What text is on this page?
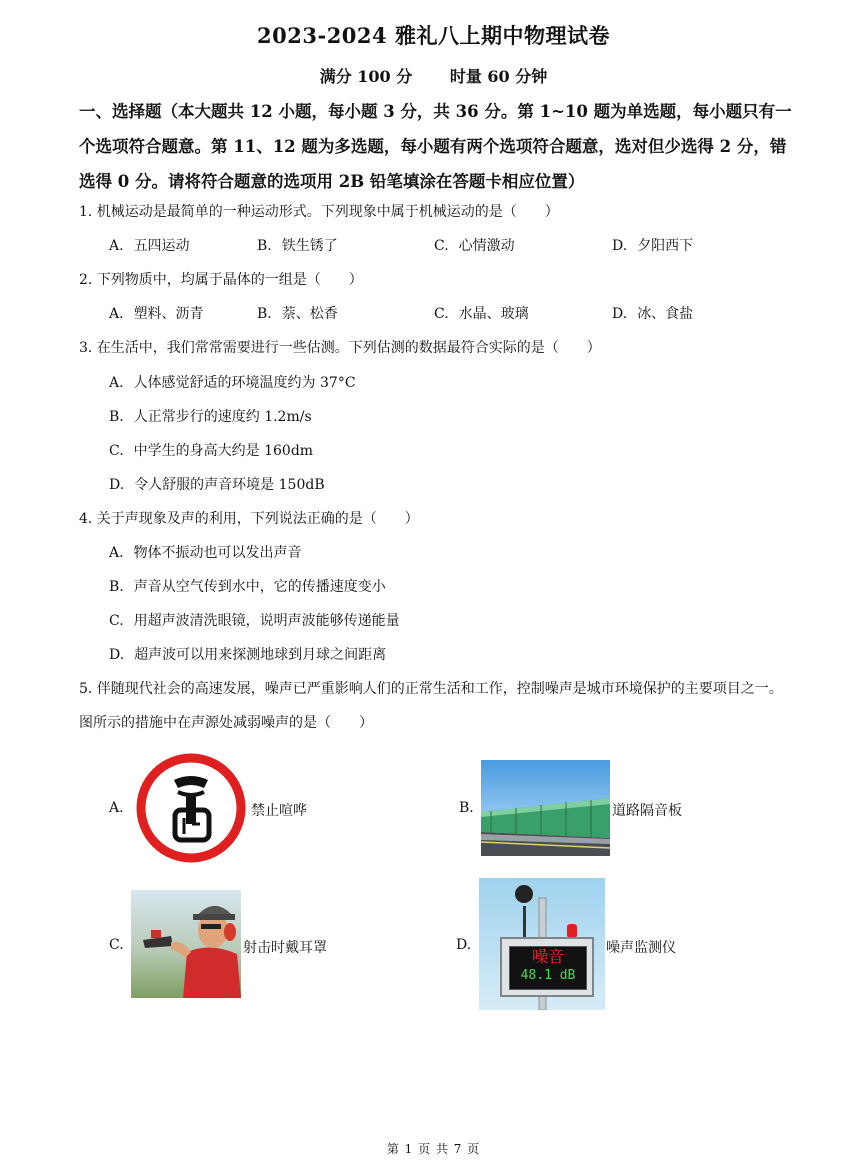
2023-2024 雅礼八上期中物理试卷
满分 100 分 时量 60 分钟
一、选择题（本大题共 12 小题，每小题 3 分，共 36 分。第 1~10 题为单选题，每小题只有一个选项符合题意。第 11、12 题为多选题，每小题有两个选项符合题意，选对但少选得 2 分，错选得 0 分。请将符合题意的选项用 2B 铅笔填涂在答题卡相应位置）
1. 机械运动是最简单的一种运动形式。下列现象中属于机械运动的是（　　）
A. 五四运动	B. 铁生锈了	C. 心情激动	D. 夕阳西下
2. 下列物质中，均属于晶体的一组是（　　）
A. 塑料、沥青	B. 萘、松香	C. 水晶、玻璃	D. 冰、食盐
3. 在生活中，我们常常需要进行一些估测。下列估测的数据最符合实际的是（　　）
A. 人体感觉舒适的环境温度约为 37°C
B. 人正常步行的速度约 1.2m/s
C. 中学生的身高大约是 160dm
D. 令人舒服的声音环境是 150dB
4. 关于声现象及声的利用，下列说法正确的是（　　）
A. 物体不振动也可以发出声音
B. 声音从空气传到水中，它的传播速度变小
C. 用超声波清洗眼镜，说明声波能够传递能量
D. 超声波可以用来探测地球到月球之间距离
5. 伴随现代社会的高速发展，噪声已严重影响人们的正常生活和工作，控制噪声是城市环境保护的主要项目之一。图所示的措施中在声源处减弱噪声的是（　　）
A.	禁止喧哗	B.	道路隔音板
C.	射击时戴耳罩	D.
噪音
48.1 dB
噪声监测仪
第 1 页 共 7 页
